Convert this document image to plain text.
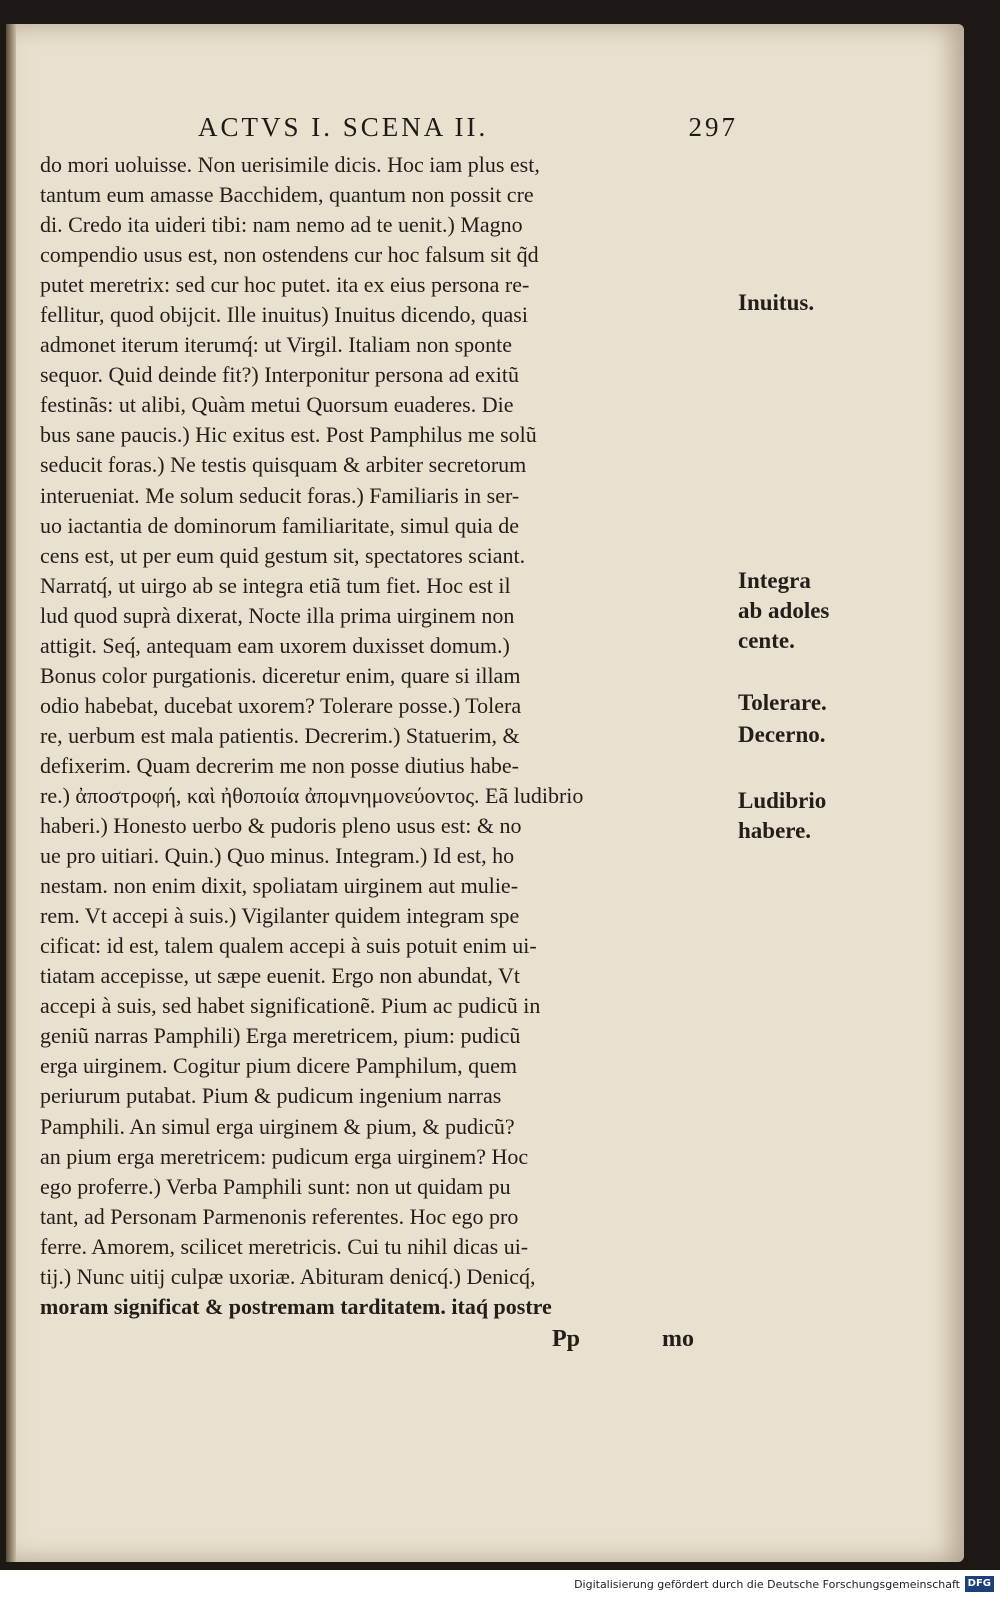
ACTVS I. SCENA II.	297
do mori uoluisse. Non uerisimile dicis. Hoc iam plus est,
tantum eum amasse Bacchidem, quantum non possit cre
di. Credo ita uideri tibi: nam nemo ad te uenit.) Magno
compendio usus est, non ostendens cur hoc falsum sit q̃d
putet meretrix: sed cur hoc putet. ita ex eius persona re-
fellitur, quod obijcit. Ille inuitus) Inuitus dicendo, quasi
admonet iterum iterumq́: ut Virgil. Italiam non sponte
sequor. Quid deinde fit?) Interponitur persona ad exitũ
festinãs: ut alibi, Quàm metui Quorsum euaderes. Die
bus sane paucis.) Hic exitus est. Post Pamphilus me solũ
seducit foras.) Ne testis quisquam & arbiter secretorum
interueniat. Me solum seducit foras.) Familiaris in ser-
uo iactantia de dominorum familiaritate, simul quia de
cens est, ut per eum quid gestum sit, spectatores sciant.
Narratq́, ut uirgo ab se integra etiã tum fiet. Hoc est il
lud quod suprà dixerat, Nocte illa prima uirginem non
attigit. Seq́, antequam eam uxorem duxisset domum.)
Bonus color purgationis. diceretur enim, quare si illam
odio habebat, ducebat uxorem? Tolerare posse.) Tolera
re, uerbum est mala patientis. Decrerim.) Statuerim, &
defixerim. Quam decrerim me non posse diutius habe-
re.) ἀποστροφή, καὶ ἠθοποιία ἀπομνημονεύοντος. Eã ludibrio
haberi.) Honesto uerbo & pudoris pleno usus est: & no
ue pro uitiari. Quin.) Quo minus. Integram.) Id est, ho
nestam. non enim dixit, spoliatam uirginem aut mulie-
rem. Vt accepi à suis.) Vigilanter quidem integram spe
cificat: id est, talem qualem accepi à suis potuit enim ui-
tiatam accepisse, ut sæpe euenit. Ergo non abundat, Vt
accepi à suis, sed habet significationẽ. Pium ac pudicũ in
geniũ narras Pamphili) Erga meretricem, pium: pudicũ
erga uirginem. Cogitur pium dicere Pamphilum, quem
periurum putabat. Pium & pudicum ingenium narras
Pamphili. An simul erga uirginem & pium, & pudicũ?
an pium erga meretricem: pudicum erga uirginem? Hoc
ego proferre.) Verba Pamphili sunt: non ut quidam pu
tant, ad Personam Parmenonis referentes. Hoc ego pro
ferre. Amorem, scilicet meretricis. Cui tu nihil dicas ui-
tij.) Nunc uitij culpæ uxoriæ. Abituram denicq́.) Denicq́,
moram significat & postremam tarditatem. itaq́ postre
Pp	mo
Inuitus.
Integra
ab adoles
cente.
Tolerare.
Decerno.
Ludibrio
habere.
Digitalisierung gefördert durch die Deutsche Forschungsgemeinschaft DFG
